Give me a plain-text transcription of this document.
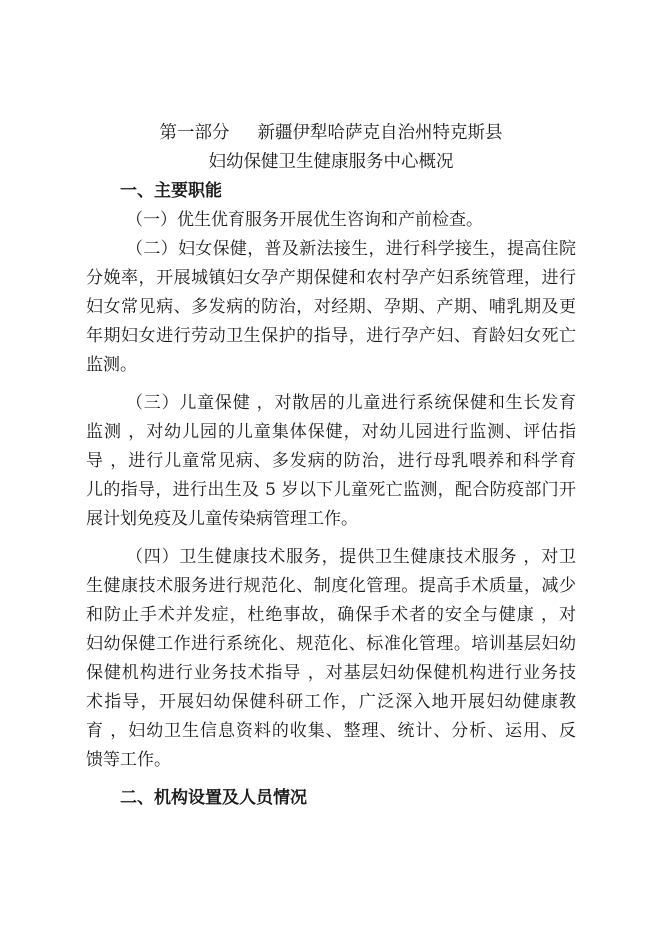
第一部分 新疆伊犁哈萨克自治州特克斯县
妇幼保健卫生健康服务中心概况
一、主要职能
（一）优生优育服务开展优生咨询和产前检查。
（二）妇女保健，普及新法接生，进行科学接生，提高住院
分娩率，开展城镇妇女孕产期保健和农村孕产妇系统管理，进行
妇女常见病、多发病的防治，对经期、孕期、产期、哺乳期及更
年期妇女进行劳动卫生保护的指导，进行孕产妇、育龄妇女死亡
监测。
（三）儿童保健 ，对散居的儿童进行系统保健和生长发育
监测 ，对幼儿园的儿童集体保健，对幼儿园进行监测、评估指
导 ，进行儿童常见病、多发病的防治，进行母乳喂养和科学育
儿的指导，进行出生及 5 岁以下儿童死亡监测，配合防疫部门开
展计划免疫及儿童传染病管理工作。
（四）卫生健康技术服务，提供卫生健康技术服务 ，对卫
生健康技术服务进行规范化、制度化管理。提高手术质量，减少
和防止手术并发症，杜绝事故，确保手术者的安全与健康 ，对
妇幼保健工作进行系统化、规范化、标准化管理。培训基层妇幼
保健机构进行业务技术指导 ，对基层妇幼保健机构进行业务技
术指导，开展妇幼保健科研工作，广泛深入地开展妇幼健康教
育 ，妇幼卫生信息资料的收集、整理、统计、分析、运用、反
馈等工作。
二、机构设置及人员情况
